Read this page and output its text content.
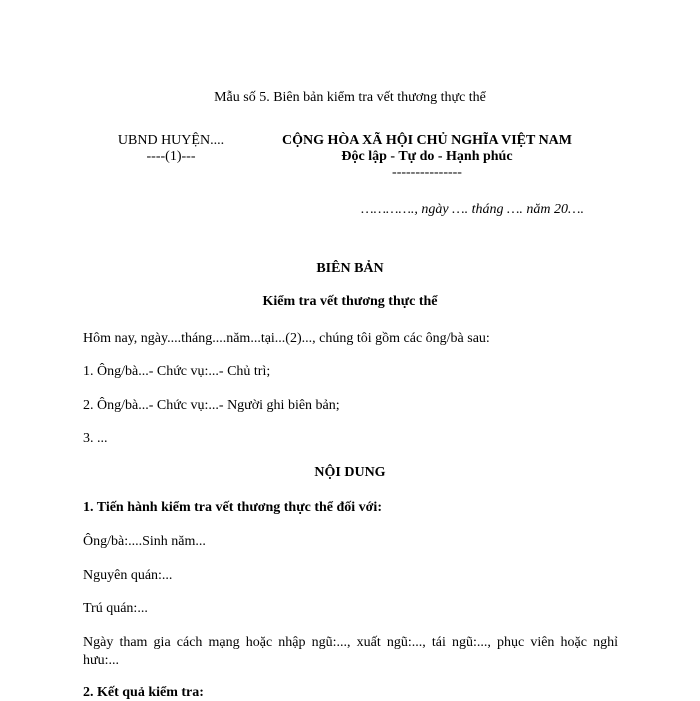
Mẫu số 5. Biên bản kiểm tra vết thương thực thể
UBND HUYỆN....
----(1)---
CỘNG HÒA XÃ HỘI CHỦ NGHĨA VIỆT NAM
Độc lập - Tự do - Hạnh phúc
---------------
…………., ngày …. tháng …. năm 20….
BIÊN BẢN
Kiểm tra vết thương thực thể
Hôm nay, ngày....tháng....năm...tại...(2)..., chúng tôi gồm các ông/bà sau:
1. Ông/bà...- Chức vụ:...- Chủ trì;
2. Ông/bà...- Chức vụ:...- Người ghi biên bản;
3. ...
NỘI DUNG
1. Tiến hành kiểm tra vết thương thực thể đối với:
Ông/bà:....Sinh năm...
Nguyên quán:...
Trú quán:...
Ngày tham gia cách mạng hoặc nhập ngũ:..., xuất ngũ:..., tái ngũ:..., phục viên hoặc nghỉ hưu:...
2. Kết quả kiểm tra:
